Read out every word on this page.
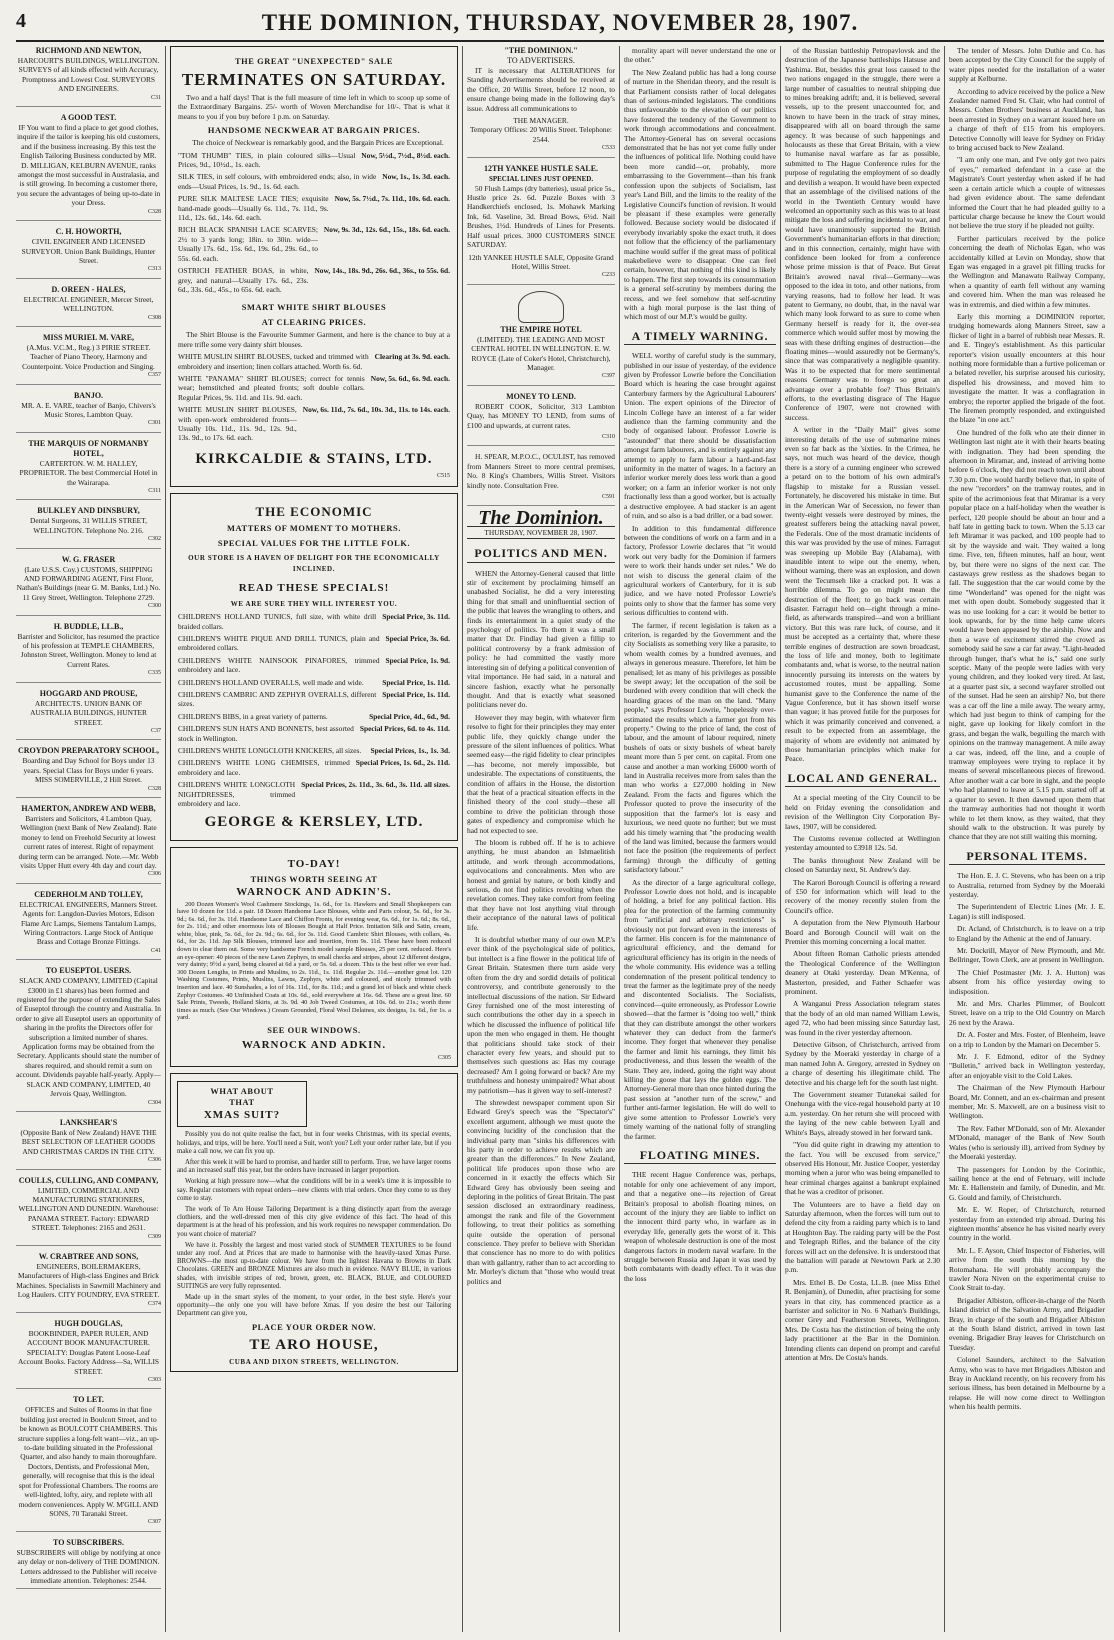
4	THE DOMINION, THURSDAY, NOVEMBER 28, 1907.
RICHMOND AND NEWTON,
HARCOURT'S BUILDINGS, WELLINGTON. SURVEYS of all kinds effected with Accuracy, Promptness and Lowest Cost. SURVEYORS AND ENGINEERS.
C31
A GOOD TEST.
IF You want to find a place to get good clothes, inquire if the tailor is keeping his old customers, and if the business increasing. By this test the English Tailoring Business conducted by MR. D. MILLIGAN, KELBURN AVENUE, ranks amongst the most successful in Australasia, and is still growing. In becoming a customer there, you secure the advantages of being up-to-date in your Dress.
C328
C. H. HOWORTH,
CIVIL ENGINEER AND LICENSED SURVEYOR. Union Bank Buildings, Hunter Street.
C313
D. OREEN - HALES,
ELECTRICAL ENGINEER, Mercer Street, WELLINGTON.
C308
MISS MURIEL M. VARE,
(A.Mus. V.C.M., Reg.) 3 PIRIE STREET. Teacher of Piano Theory, Harmony and Counterpoint. Voice Production and Singing.
C357
BANJO.
MR. A. E. VARE, teacher of Banjo, Chivers's Music Stores, Lambton Quay.
C301
THE MARQUIS OF NORMANBY HOTEL,
CARTERTON. W. M. HALLEY, PROPRIETOR. The best Commercial Hotel in the Wairarapa.
C311
BULKLEY AND DINSBURY,
Dental Surgeons, 31 WILLIS STREET, WELLINGTON. Telephone No. 216.
C302
W. G. FRASER
(Late U.S.S. Coy.) CUSTOMS, SHIPPING AND FORWARDING AGENT, First Floor, Nathan's Buildings (near G. M. Banks, Ltd.) No. 11 Grey Street, Wellington. Telephone 2729.
C300
H. BUDDLE, LL.B.,
Barrister and Solicitor, has resumed the practice of his profession at TEMPLE CHAMBERS, Johnston Street, Wellington. Money to lend at Current Rates.
C335
HOGGARD AND PROUSE,
ARCHITECTS. UNION BANK OF AUSTRALIA BUILDINGS, HUNTER STREET.
C37
CROYDON PREPARATORY SCHOOL,
Boarding and Day School for Boys under 13 years. Special Class for Boys under 6 years. MISS SOMERVILLE, 2 Hill Street.
C328
HAMERTON, ANDREW AND WEBB,
Barristers and Solicitors, 4 Lambton Quay, Wellington (next Bank of New Zealand). Rate money to lend on Freehold Security at lowest current rates of interest. Right of repayment during term can be arranged. Note.—Mr. Webb visits Upper Hutt every 4th day and court day.
C306
CEDERHOLM AND TOLLEY,
ELECTRICAL ENGINEERS, Manners Street. Agents for: Langdon-Davies Motors, Edison Flame Arc Lamps, Siemens Tantalum Lamps, Wiring Contractors. Large Stock of Antique Brass and Cottage Bronze Fittings.
C41
TO EUSEPTOL USERS.
SLACK AND COMPANY, LIMITED (Capital £3000 in £1 shares) has been formed and registered for the purpose of extending the Sales of Euseptol through the country and Australia. In order to give all Euseptol users an opportunity of sharing in the profits the Directors offer for subscription a limited number of shares. Application forms may be obtained from the Secretary. Applicants should state the number of shares required, and should remit a sum on account. Dividends payable half-yearly. Apply— SLACK AND COMPANY, LIMITED, 40 Jervois Quay, Wellington.
C304
LANKSHEAR'S
(Opposite Bank of New Zealand) HAVE THE BEST SELECTION OF LEATHER GOODS AND CHRISTMAS CARDS IN THE CITY.
C306
COULLS, CULLING, AND COMPANY,
LIMITED, COMMERCIAL AND MANUFACTURING STATIONERS, WELLINGTON AND DUNEDIN. Warehouse: PANAMA STREET. Factory: EDWARD STREET. Telephones: 2165 and 2631.
C309
W. CRABTREE AND SONS,
ENGINEERS, BOILERMAKERS, Manufacturers of High-class Engines and Brick Machines. Specialists in Sawmill Machinery and Log Haulers. CITY FOUNDRY, EVA STREET.
C374
HUGH DOUGLAS,
BOOKBINDER, PAPER RULER, AND ACCOUNT BOOK MANUFACTURER. SPECIALTY: Douglas Patent Loose-Leaf Account Books. Factory Address—Sa, WILLIS STREET.
C303
TO LET.
OFFICES and Suites of Rooms in that fine building just erected in Boulcott Street, and to be known as BOULCOTT CHAMBERS. This structure supplies a long-felt want—viz., an up-to-date building situated in the Professional Quarter, and also handy to main thoroughfare. Doctors, Dentists, and Professional Men, generally, will recognise that this is the ideal spot for Professional Chambers. The rooms are well-lighted, lofty, airy, and replete with all modern conveniences. Apply W. M'GILL AND SONS, 70 Taranaki Street.
C307
TO SUBSCRIBERS.
SUBSCRIBERS will oblige by notifying at once any delay or non-delivery of THE DOMINION. Letters addressed to the Publisher will receive immediate attention. Telephones: 2544.
THE GREAT "UNEXPECTED" SALE
TERMINATES ON SATURDAY.

Two and a half days! That is the full measure of time left in which to scoop up some of the Extraordinary Bargains. 25/- worth of Woven Merchandise for 10/-. That is what it means to you if you buy before 1 p.m. on Saturday.

HANDSOME NECKWEAR AT BARGAIN PRICES.

The choice of Neckwear is remarkably good, and the Bargain Prices are Exceptional.

"TOM THUMB" TIES, in plain coloured silks—Usual Prices, 9d., 10½d., 1s. each.
Now, 5½d., 7½d., 8½d. each.
SILK TIES, in self colours, with embroidered ends; also, in wide ends—Usual Prices, 1s. 9d., 1s. 6d. each.
Now, 1s., 1s. 3d. each.
PURE SILK MALTESE LACE TIES; exquisite hand-made goods—Usually 6s. 11d., 7s. 11d., 9s. 11d., 12s. 6d., 14s. 6d. each.
Now, 5s. 7½d., 7s. 11d., 10s. 6d. each.
RICH BLACK SPANISH LACE SCARVES; 2½ to 3 yards long; 18in. to 30in. wide—Usually 17s. 6d., 15s. 6d., 19s. 6d., 29s. 6d., to 55s. 6d. each.
Now, 9s. 3d., 12s. 6d., 15s., 18s. 6d. each.
OSTRICH FEATHER BOAS, in white, grey, and natural—Usually 17s. 6d., 23s. 6d., 33s. 6d., 45s., to 65s. 6d. each.
Now, 14s., 18s. 9d., 26s. 6d., 36s., to 55s. 6d.
SMART WHITE SHIRT BLOUSES
AT CLEARING PRICES.

The Shirt Blouse is the Favourite Summer Garment, and here is the chance to buy at a mere trifle some very dainty shirt blouses.

WHITE MUSLIN SHIRT BLOUSES, tucked and trimmed with embroidery and insertion; linen collars attached. Worth 6s. 6d.
Clearing at 3s. 9d. each.
WHITE "PANAMA" SHIRT BLOUSES; correct for tennis wear; hemstitched and pleated fronts; soft double collars. Regular Prices, 9s. 11d. and 11s. 9d. each.
Now, 5s. 6d., 6s. 9d. each.
WHITE MUSLIN SHIRT BLOUSES, with open-work embroidered fronts—Usually 10s. 11d., 11s. 9d., 12s. 9d., 13s. 9d., to 17s. 6d. each.
Now, 6s. 11d., 7s. 6d., 10s. 3d., 11s. to 14s. each.
KIRKCALDIE & STAINS, LTD.
C515
THE ECONOMIC
MATTERS OF MOMENT TO MOTHERS.
SPECIAL VALUES FOR THE LITTLE FOLK.
OUR STORE IS A HAVEN OF DELIGHT FOR THE ECONOMICALLY INCLINED.
READ THESE SPECIALS!
WE ARE SURE THEY WILL INTEREST YOU.
CHILDREN'S HOLLAND TUNICS, full size, with white drill braided collars.
Special Price, 3s. 11d.
CHILDREN'S WHITE PIQUE AND DRILL TUNICS, plain and embroidered collars.
Special Price, 3s. 6d.
CHILDREN'S WHITE NAINSOOK PINAFORES, trimmed embroidery and lace.
Special Price, 1s. 9d.
CHILDREN'S HOLLAND OVERALLS, well made and wide.	Special Price, 1s. 11d.
CHILDREN'S CAMBRIC AND ZEPHYR OVERALLS, different sizes.
Special Price, 1s. 11d.
CHILDREN'S BIBS, in a great variety of patterns.	Special Price, 4d., 6d., 9d.
CHILDREN'S SUN HATS AND BONNETS, best assorted stock in Wellington.
Special Prices, 6d. to 4s. 11d.
CHILDREN'S WHITE LONGCLOTH KNICKERS, all sizes. Special Prices, 1s., 1s. 3d.
CHILDREN'S WHITE LONG CHEMISES, trimmed embroidery and lace.
Special Prices, 1s. 6d., 2s. 11d.
CHILDREN'S WHITE LONGCLOTH NIGHTDRESSES, trimmed embroidery and lace.
Special Prices, 2s. 11d., 3s. 6d., 3s. 11d. all sizes.
GEORGE & KERSLEY, LTD.
TO-DAY!
THINGS WORTH SEEING AT
WARNOCK AND ADKIN'S.

200 Dozen Women's Wool Cashmere Stockings, 1s. 6d., for 1s. Hawkers and Small Shopkeepers can have 10 dozen for 11d. a pair. 18 Dozen Handsome Lace Blouses, white and Paris colour, 5s. 6d., for 3s. 9d.; 6s. 6d., for 3s. 11d. Handsome Lace and Chiffon Fronts, for evening wear, 6s. 6d., for 1s. 6d.; 8s. 6d., for 2s. 11d.; and other enormous lots of Blouses Bought at Half Price. Imitation Silk and Satin, cream, white, blue, pink, 5s. 6d., for 2s. 9d.; 6s. 6d., for 3s. 11d. Good Cambric Shirt Blouses, with collars, 4s. 6d., for 2s. 11d. Jap Silk Blouses, trimmed lace and insertion, from 9s. 11d. These have been reduced down to clear them out. Some very handsome French model sample Blouses, 25 per cent. reduced. Here's an eye-opener: 40 pieces of the new Lawn Zephyrs, in small checks and stripes, about 12 different designs, very dainty; 9½d a yard, being cleared at 6d a yard, or 5s. 6d. a dozen. This is the best offer we ever had. 300 Dozen Lengths, in Prints and Muslins, to 2s. 11d., 1s. 11d. Regular 2s. 11d.—another great lot. 120 Washing Costumes, Prints, Muslins, Lawns, Zephyrs, white and coloured, and nicely trimmed with insertion and lace. 40 Sunshades, a lot of 16s. 11d., for 8s. 11d.; and a grand lot of black and white check Zephyr Costumes. 40 Unfinished Coats at 10s. 6d., sold everywhere at 16s. 6d. These are a great line. 60 Sale Prints, Tweeds, Holland Skirts, at 3s. 9d. 40 Job Tweed Costumes, at 10s. 6d. to 21s.; worth three times as much. (See Our Windows.) Cream Grounded, Floral Wool Delaines, six designs, 1s. 6d., for 1s. a yard.

SEE OUR WINDOWS.
WARNOCK AND ADKIN.
C305
WHAT ABOUT
THAT
XMAS SUIT?

Possibly you do not quite realise the fact, but in four weeks Christmas, with its special events, holidays, and trips, will be here. You'll need a Suit, won't you? Left your order rather late, but if you make a call now, we can fix you up.

After this week it will be hard to promise, and harder still to perform. True, we have larger rooms and an increased staff this year, but the orders have increased in larger proportion.

Working at high pressure now—what the conditions will be in a week's time it is impossible to say. Regular customers with repeat orders—new clients with trial orders. Once they come to us they come to stay.

The work of Te Aro House Tailoring Department is a thing distinctly apart from the average clothiers, and the well-dressed men of this city give evidence of this fact. The head of this department is at the head of his profession, and his work requires no newspaper commendation. Do you want choice of material?

We have it. Possibly the largest and most varied stock of SUMMER TEXTURES to be found under any roof. And at Prices that are made to harmonise with the heavily-taxed Xmas Purse. BROWNS—the most up-to-date colour. We have from the lightest Havana to Browns in Dark Chocolates. GREEN and BRONZE Mixtures are also much in evidence. NAVY BLUE, in various shades, with invisible stripes of red, brown, green, etc. BLACK, BLUE, and COLOURED SUITINGS are very fully represented.

Made up in the smart styles of the moment, to your order, in the best style. Here's your opportunity—the only one you will have before Xmas. If you desire the best our Tailoring Department can give you,

PLACE YOUR ORDER NOW.
TE ARO HOUSE,
CUBA AND DIXON STREETS, WELLINGTON.
"THE DOMINION."
TO ADVERTISERS.

IT is necessary that ALTERATIONS for Standing Advertisements should be received at the Office, 20 Willis Street, before 12 noon, to ensure change being made in the following day's issue. Address all communications to

THE MANAGER.
Temporary Offices: 20 Willis Street. Telephone: 2544.
C533
12TH YANKEE HUSTLE SALE.
SPECIAL LINES JUST OPENED.

50 Flush Lamps (dry batteries), usual price 5s., Hustle price 2s. 6d. Puzzle Boxes with 3 Handkerchiefs enclosed, 1s. Mohawk Marking Ink, 6d. Vaseline, 3d. Bread Bows, 6½d. Nail Brushes, 1½d. Hundreds of Lines for Presents. Half usual prices. 3000 CUSTOMERS SINCE SATURDAY.

12th YANKEE HUSTLE SALE, Opposite Grand Hotel, Willis Street.
C233
THE EMPIRE HOTEL
(LIMITED). THE LEADING AND MOST CENTRAL HOTEL IN WELLINGTON. E. W. ROYCE (Late of Coker's Hotel, Christchurch), Manager.
C397
MONEY TO LEND.

ROBERT COOK, Solicitor, 313 Lambton Quay, has MONEY TO LEND, from sums of £100 and upwards, at current rates.

C310

H. SPEAR, M.P.O.C., OCULIST, has removed from Manners Street to more central premises, No. 8 King's Chambers, Willis Street. Visitors kindly note. Consultation Free.

C591
The Dominion.
THURSDAY, NOVEMBER 28, 1907.
POLITICS AND MEN.

WHEN the Attorney-General caused that little stir of excitement by proclaiming himself an unabashed Socialist, he did a very interesting thing for that small and uninfluential section of the public that leaves the wrangling to others, and finds its entertainment in a quiet study of the psychology of politics. To them it was a small matter that Dr. Findlay had given a fillip to political controversy by a frank admission of policy: he had committed the vastly more interesting sin of defying a political convention of vital importance. He had said, in a natural and sincere fashion, exactly what he personally thought. And that is exactly what seasoned politicians never do.

However they may begin, with whatever firm resolve to fight for their principles they may enter public life, they quickly change under the pressure of the silent influences of politics. What seemed easy—the rigid fidelity to clear principles—has become, not merely impossible, but undesirable. The expectations of constituents, the condition of affairs in the House, the distortion that the heat of a practical situation effects in the finished theory of the cool study—these all combine to drive the politician through those gates of expediency and compromise which he had not expected to see.

The bloom is rubbed off. If he is to achieve anything, he must abandon an Ishmaelitish attitude, and work through accommodations, equivocations and concealments. Men who are honest and genial by nature, or both kindly and serious, do not find politics revolting when the revelation comes. They take comfort from feeling that they have not lost anything vital through their acceptance of the natural laws of political life.

It is doubtful whether many of our own M.P.'s ever think of the psychological side of politics, but intellect is a fine flower in the political life of Great Britain. Statesmen there turn aside very often from the dry and sordid details of political controversy, and contribute generously to the intellectual discussions of the nation. Sir Edward Grey furnished one of the most interesting of such contributions the other day in a speech in which he discussed the influence of political life upon the men who engaged in them. He thought that politicians should take stock of their character every few years, and should put to themselves such questions as: Has my courage decreased? Am I going forward or back? Are my truthfulness and honesty unimpaired? What about my patriotism—has it given way to self-interest?

The shrewdest newspaper comment upon Sir Edward Grey's speech was the "Spectator's" excellent argument, although we must quote the convincing lucidity of the conclusion that the individual party man "sinks his differences with his party in order to achieve results which are greater than the differences." In New Zealand, political life produces upon those who are concerned in it exactly the effects which Sir Edward Grey has obviously been seeing and deploring in the politics of Great Britain. The past session disclosed an extraordinary readiness, amongst the rank and file of the Government following, to treat their politics as something quite outside the operation of personal conscience. They prefer to believe with Sheridan that conscience has no more to do with politics than with gallantry, rather than to act according to Mr. Morley's dictum that "those who would treat politics and

morality apart will never understand the one or the other."

The New Zealand public has had a long course of nurture in the Sheridan theory, and the result is that Parliament consists rather of local delegates than of serious-minded legislators. The conditions thus unfavourable to the elevation of our politics have fostered the tendency of the Government to work through accommodations and concealment. The Attorney-General has on several occasions demonstrated that he has not yet come fully under the influences of political life. Nothing could have been more candid—or, probably, more embarrassing to the Government—than his frank confession upon the subjects of Socialism, last year's Land Bill, and the limits to the reality of the Legislative Council's function of revision. It would be pleasant if these examples were generally followed. Because society would be dislocated if everybody invariably spoke the exact truth, it does not follow that the efficiency of the parliamentary machine would suffer if the great mass of political makebelieve were to disappear. One can feel certain, however, that nothing of this kind is likely to happen. The first step towards its consummation is a general self-scrutiny by members during the recess, and we feel somehow that self-scrutiny with a high moral purpose is the last thing of which most of our M.P.'s would be guilty.

A TIMELY WARNING.

WELL worthy of careful study is the summary, published in our issue of yesterday, of the evidence given by Professor Lowrie before the Conciliation Board which is hearing the case brought against Canterbury farmers by the Agricultural Labourers' Union. The expert opinions of the Director of Lincoln College have an interest of a far wider audience than the farming community and the body of organised labour. Professor Lowrie is "astounded" that there should be dissatisfaction amongst farm labourers, and is entirely against any attempt to apply to farm labour a hard-and-fast uniformity in the matter of wages. In a factory an inferior worker merely does less work than a good worker; on a farm an inferior worker is not only fractionally less than a good worker, but is actually a destructive employee. A bad stacker is an agent of ruin, and so also is a bad driller, or a bad sower.

In addition to this fundamental difference between the conditions of work on a farm and in a factory, Professor Lowrie declares that "it would work out very badly for the Dominion if farmers were to work their hands under set rules." We do not wish to discuss the general claim of the agricultural workers of Canterbury, for it is sub judice, and we have noted Professor Lowrie's points only to show that the farmer has some very serious difficulties to contend with.

The farmer, if recent legislation is taken as a criterion, is regarded by the Government and the city Socialists as something very like a parasite, to whom wealth comes by a hundred avenues, and always in generous measure. Therefore, let him be penalised; let as many of his privileges as possible be swept away; let the occupation of the soil be burdened with every condition that will check the hoarding graces of the man on the land. "Many people," says Professor Lowrie, "hopelessly over-estimated the results which a farmer got from his property." Owing to the price of land, the cost of labour, and the amount of labour required, ninety bushels of oats or sixty bushels of wheat barely meant more than 5 per cent. on capital. From one cause and another a man working £6000 worth of land in Australia receives more from sales than the man who works a £27,000 holding in New Zealand. From the facts and figures which the Professor quoted to prove the insecurity of the supposition that the farmer's lot is easy and luxurious, we need quote no further; but we must add his timely warning that "the producing wealth of the land was limited, because the farmers would not face the position (the requirements of perfect farming) through the difficulty of getting satisfactory labour."

As the director of a large agricultural college, Professor Lowrie does not hold, and is incapable of holding, a brief for any political faction. His plea for the protection of the farming community from "artificial and arbitrary restrictions" is obviously not put forward even in the interests of the farmer. His concern is for the maintenance of agricultural efficiency, and the demand for agricultural efficiency has its origin in the needs of the whole community. His evidence was a telling condemnation of the present political tendency to treat the farmer as the legitimate prey of the needy and discontented Socialists. The Socialists, convinced—quite erroneously, as Professor Lowrie showed—that the farmer is "doing too well," think that they can distribute amongst the other workers whatever they can deduct from the farmer's income. They forget that whenever they penalise the farmer and limit his earnings, they limit his productiveness, and thus lessen the wealth of the State. They are, indeed, going the right way about killing the goose that lays the golden eggs. The Attorney-General more than once hinted during the past session at "another turn of the screw," and further anti-farmer legislation. He will do well to give some attention to Professor Lowrie's very timely warning of the national folly of strangling the farmer.

FLOATING MINES.

THE recent Hague Conference was, perhaps, notable for only one achievement of any import, and that a negative one—its rejection of Great Britain's proposal to abolish floating mines, on account of the injury they are liable to inflict on the innocent third party who, in warfare as in everyday life, generally gets the worst of it. This weapon of wholesale destruction is one of the most dangerous factors in modern naval warfare. In the struggle between Russia and Japan it was used by both combatants with deadly effect. To it was due the loss

of the Russian battleship Petropavlovsk and the destruction of the Japanese battleships Hatsuse and Yashima. But, besides this great loss caused to the two nations engaged in the struggle, there were a large number of casualties to neutral shipping due to mines breaking adrift; and, it is believed, several vessels, up to the present unaccounted for, and known to have been in the track of stray mines, disappeared with all on board through the same agency. It was because of such happenings and holocausts as these that Great Britain, with a view to humanise naval warfare as far as possible, submitted to The Hague Conference rules for the purpose of regulating the employment of so deadly and devilish a weapon. It would have been expected that an assemblage of the civilised nations of the world in the Twentieth Century would have welcomed an opportunity such as this was to at least mitigate the loss and suffering incidental to war, and would have unanimously supported the British Government's humanitarian efforts in that direction; and in this connection, certainly, might have with confidence been looked for from a conference whose prime mission is that of Peace. But Great Britain's avowed naval rival—Germany—was opposed to the idea in toto, and other nations, from varying reasons, had to follow her lead. It was patent to Germany, no doubt, that, in the naval war which many look forward to as sure to come when Germany herself is ready for it, the over-sea commerce which would suffer most by mowing the seas with these drifting engines of destruction—the floating mines—would assuredly not be Germany's, since that was comparatively a negligible quantity. Was it to be expected that for mere sentimental reasons Germany was to forego so great an advantage over a probable foe? Thus Britain's efforts, to the everlasting disgrace of The Hague Conference of 1907, were not crowned with success.

A writer in the "Daily Mail" gives some interesting details of the use of submarine mines even so far back as the 'sixties. In the Crimea, he says, not much was heard of the device, though there is a story of a cunning engineer who screwed a petard on to the bottom of his own admiral's flagship to mistake for a Russian vessel. Fortunately, he discovered his mistake in time. But in the American War of Secession, no fewer than twenty-eight vessels were destroyed by mines, the greatest sufferers being the attacking naval power, the Federals. One of the most dramatic incidents of this war was provided by the use of mines. Farragut was sweeping up Mobile Bay (Alabama), with inaudible intent to wipe out the enemy, when, without warning, there was an explosion, and down went the Tecumseh like a cracked pot. It was a horrible dilemma. To go on might mean the destruction of the fleet; to go back was certain disaster. Farragut held on—right through a mine-field, as afterwards transpired—and won a brilliant victory. But this was rare luck, of course, and it must be accepted as a certainty that, where these terrible engines of destruction are sown broadcast, the loss of life and money, both to legitimate combatants and, what is worse, to the neutral nation innocently pursuing its interests on the waters by accustomed routes, must be appalling. Some humanist gave to the Conference the name of the Vague Conference, but it has shown itself worse than vague; it has proved futile for the purposes for which it was primarily conceived and convened, a result to be expected from an assemblage, the majority of whom are evidently not animated by those humanitarian principles which make for Peace.

LOCAL AND GENERAL.

At a special meeting of the City Council to be held on Friday evening the consolidation and revision of the Wellington City Corporation By-laws, 1907, will be considered.

The Customs revenue collected at Wellington yesterday amounted to £3918 12s. 5d.

The banks throughout New Zealand will be closed on Saturday next, St. Andrew's day.

The Karori Borough Council is offering a reward of £50 for information which will lead to the recovery of the money recently stolen from the Council's office.

A deputation from the New Plymouth Harbour Board and Borough Council will wait on the Premier this morning concerning a local matter.

About fifteen Roman Catholic priests attended the Theological Conference of the Wellington deanery at Otaki yesterday. Dean M'Kenna, of Masterton, presided, and Father Schaefer was prominent.

A Wanganui Press Association telegram states that the body of an old man named William Lewis, aged 72, who had been missing since Saturday last, was found in the river yesterday afternoon.

Detective Gibson, of Christchurch, arrived from Sydney by the Moeraki yesterday in charge of a man named John A. Gregory, arrested in Sydney on a charge of deserting his illegitimate child. The detective and his charge left for the south last night.

The Government steamer Tutanekai sailed for Onehunga with the vice-regal household party at 10 a.m. yesterday. On her return she will proceed with the laying of the new cable between Lyall and White's Bays, already stowed in her forward tank.

"You did quite right in drawing my attention to the fact. You will be excused from service," observed His Honour, Mr. Justice Cooper, yesterday morning when a juror who was being empanelled to hear criminal charges against a bankrupt explained that he was a creditor of prisoner.

The Volunteers are to have a field day on Saturday afternoon, when the forces will turn out to defend the city from a raiding party which is to land at Houghton Bay. The raiding party will be the Post and Telegraph Rifles, and the balance of the city forces will act on the defensive. It is understood that the battalion will parade at Newtown Park at 2.30 p.m.

Mrs. Ethel B. De Costa, LL.B. (nee Miss Ethel R. Benjamin), of Dunedin, after practising for some years in that city, has commenced practice as a barrister and solicitor in No. 6 Nathan's Buildings, corner Grey and Featherston Streets, Wellington. Mrs. De Costa has the distinction of being the only lady practitioner at the Bar in the Dominion. Intending clients can depend on prompt and careful attention at Mrs. De Costa's hands.

The tender of Messrs. John Duthie and Co. has been accepted by the City Council for the supply of water pipes needed for the installation of a water supply at Kelburne.

According to advice received by the police a New Zealander named Fred St. Clair, who had control of Messrs. Cohen Brothers' business at Auckland, has been arrested in Sydney on a warrant issued here on a charge of theft of £15 from his employers. Detective Connolly will leave for Sydney on Friday to bring accused back to New Zealand.

"I am only one man, and I've only got two pairs of eyes," remarked defendant in a case at the Magistrate's Court yesterday when asked if he had seen a certain article which a couple of witnesses had given evidence about. The same defendant informed the Court that he had pleaded guilty to a particular charge because he knew the Court would not believe the true story if he pleaded not guilty.

Further particulars received by the police concerning the death of Nicholas Egan, who was accidentally killed at Levin on Monday, show that Egan was engaged in a gravel pit filling trucks for the Wellington and Manawatu Railway Company, when a quantity of earth fell without any warning and covered him. When the man was released he was in extremis, and died within a few minutes.

Early this morning a DOMINION reporter, trudging homewards along Manners Street, saw a flicker of light in a barrel of rubbish near Messrs. R. and E. Tingey's establishment. As this particular reporter's vision usually encounters at this hour nothing more formidable than a furtive policeman or a belated reveller, his surprise aroused his curiosity, dispelled his drowsiness, and moved him to investigate the matter. It was a conflagration in embryo; the reporter applied the brigade of the foot. The firemen promptly responded, and extinguished the blaze "in one act."

One hundred of the folk who ate their dinner in Wellington last night ate it with their hearts beating with indignation. They had been spending the afternoon in Miramar, and, instead of arriving home before 6 o'clock, they did not reach town until about 7.30 p.m. One would hardly believe that, in spite of the new "recorders" on the tramway routes, and in spite of the acrimonious feat that Miramar is a very popular place on a half-holiday when the weather is perfect, 120 people should be about an hour and a half late in getting back to town. When the 5.13 car left Miramar it was packed, and 100 people had to sit by the wayside and wait. They waited a long time. Five, ten, fifteen minutes, half an hour, went by, but there were no signs of the next car. The castaways grew restless as the shadows began to fall. The suggestion that the car would come by the time "Wonderland" was opened for the night was met with open doubt. Somebody suggested that it was no use looking for a car: it would be better to look upwards, for by the time help came ulcers would have been appeased by the airship. Now and then a wave of excitement stirred the crowd as somebody said he saw a car far away. "Light-headed through hunger, that's what he is," said one surly sceptic. Many of the people were ladies with very young children, and they looked very tired. At last, at a quarter past six, a second wayfarer strolled out of the sunset. Had he seen an airship? No, but there was a car off the line a mile away. The weary army, which had just begun to think of camping for the night, gave up looking for likely comfort in the grass, and began the walk, beguiling the march with opinions on the tramway management. A mile away a car was, indeed, off the line, and a couple of tramway employees were trying to replace it by means of several miscellaneous pieces of firewood. After another wait a car bore in sight, and the people who had planned to leave at 5.15 p.m. started off at a quarter to seven. It then dawned upon them that the tramway authorities had not thought it worth while to let them know, as they waited, that they should walk to the obstruction. It was purely by chance that they are not still waiting this morning.

PERSONAL ITEMS.

The Hon. E. J. C. Stevens, who has been on a trip to Australia, returned from Sydney by the Moeraki yesterday.

The Superintendent of Electric Lines (Mr. J. E. Lagan) is still indisposed.

Dr. Acland, of Christchurch, is to leave on a trip to England by the Athenic at the end of January.

Mr. Dockrill, Mayor of New Plymouth, and Mr. Bellringer, Town Clerk, are at present in Wellington.

The Chief Postmaster (Mr. J. A. Hutton) was absent from his office yesterday owing to indisposition.

Mr. and Mrs. Charles Plimmer, of Boulcott Street, leave on a trip to the Old Country on March 26 next by the Arawa.

Dr. A. Foster and Mrs. Foster, of Blenheim, leave on a trip to London by the Mamari on December 5.

Mr. J. F. Edmond, editor of the Sydney "Bulletin," arrived back in Wellington yesterday, after an enjoyable visit to the Cold Lakes.

The Chairman of the New Plymouth Harbour Board, Mr. Connett, and an ex-chairman and present member, Mr. S. Maxwell, are on a business visit to Wellington.

The Rev. Father M'Donald, son of Mr. Alexander M'Donald, manager of the Bank of New South Wales (who is seriously ill), arrived from Sydney by the Moeraki yesterday.

The passengers for London by the Corinthic, sailing hence at the end of February, will include Mr. E. Hallenstein and family, of Dunedin, and Mr. G. Gould and family, of Christchurch.

Mr. E. W. Roper, of Christchurch, returned yesterday from an extended trip abroad. During his eighteen months' absence he has visited nearly every country in the world.

Mr. L. F. Ayson, Chief Inspector of Fisheries, will arrive from the south this morning by the Rotomahana. He will probably accompany the trawler Nora Niven on the experimental cruise to Cook Strait to-day.

Brigadier Albiston, officer-in-charge of the North Island district of the Salvation Army, and Brigadier Bray, in charge of the south and Brigadier Albiston at the South Island district, arrived in town last evening. Brigadier Bray leaves for Christchurch on Tuesday.

Colonel Saunders, architect to the Salvation Army, who was to have met Brigadiers Albiston and Bray in Auckland recently, on his recovery from his serious illness, has been detained in Melbourne by a relapse. He will now come direct to Wellington when his health permits.
